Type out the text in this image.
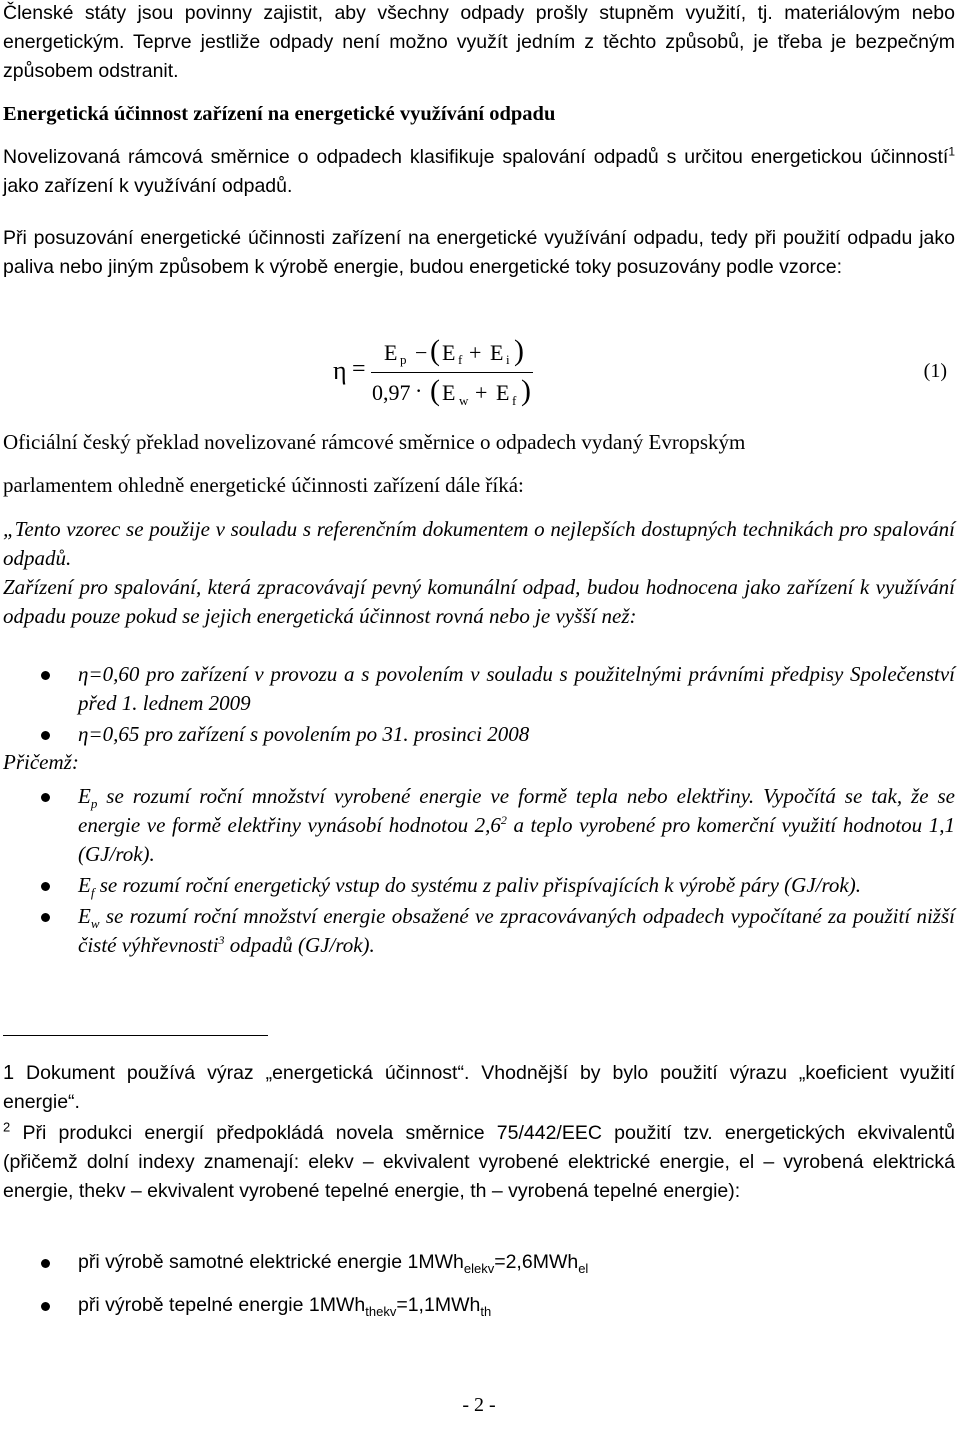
Členské státy jsou povinny zajistit, aby všechny odpady prošly stupněm využití, tj. materiálovým nebo energetickým. Teprve jestliže odpady není možno využít jedním z těchto způsobů, je třeba je bezpečným způsobem odstranit.

Energetická účinnost zařízení na energetické využívání odpadu

Novelizovaná rámcová směrnice o odpadech klasifikuje spalování odpadů s určitou energetickou účinností$^1$ jako zařízení k využívání odpadů.

Při posuzování energetické účinnosti zařízení na energetické využívání odpadu, tedy při použití odpadu jako paliva nebo jiným způsobem k výrobě energie, budou energetické toky posuzovány podle vzorce:

η =
E p − ( E f + E i )
0,97 · ( E w + E f )
(1)

Oficiální český překlad novelizované rámcové směrnice o odpadech vydaný Evropským

parlamentem ohledně energetické účinnosti zařízení dále říká:

„Tento vzorec se použije v souladu s referenčním dokumentem o nejlepších dostupných technikách pro spalování odpadů.

Zařízení pro spalování, která zpracovávají pevný komunální odpad, budou hodnocena jako zařízení k využívání odpadu pouze pokud se jejich energetická účinnost rovná nebo je vyšší než:

η=0,60 pro zařízení v provozu a s povolením v souladu s použitelnými právními předpisy Společenství před 1. lednem 2009
η=0,65 pro zařízení s povolením po 31. prosinci 2008

Přičemž:

$E_p$ se rozumí roční množství vyrobené energie ve formě tepla nebo elektřiny. Vypočítá se tak, že se energie ve formě elektřiny vynásobí hodnotou $2,6^2$ a teplo vyrobené pro komerční využití hodnotou 1,1 (GJ/rok).
$E_f$ se rozumí roční energetický vstup do systému z paliv přispívajících k výrobě páry (GJ/rok).
$E_w$ se rozumí roční množství energie obsažené ve zpracovávaných odpadech vypočítané za použití nižší čisté výhřevnosti$^3$ odpadů (GJ/rok).

1 Dokument používá výraz „energetická účinnost“. Vhodnější by bylo použití výrazu „koeficient využití energie“.

$^2$ Při produkci energií předpokládá novela směrnice 75/442/EEC použití tzv. energetických ekvivalentů (přičemž dolní indexy znamenají: elekv – ekvivalent vyrobené elektrické energie, el – vyrobená elektrická energie, thekv – ekvivalent vyrobené tepelné energie, th – vyrobená tepelné energie):

při výrobě samotné elektrické energie 1MWh$_{elekv}$=2,6MWh$_{el}$
při výrobě tepelné energie 1MWh$_{thekv}$=1,1MWh$_{th}$
- 2 -
